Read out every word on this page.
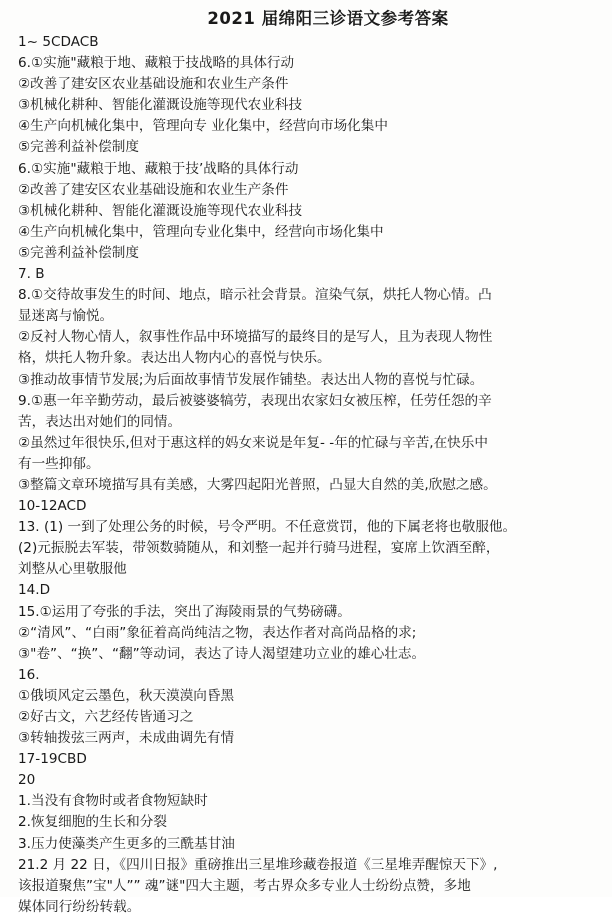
2021 届绵阳三诊语文参考答案
1~ 5CDACB
6.①实施"藏粮于地、藏粮于技战略的具体行动
②改善了建安区农业基础设施和农业生产条件
③机械化耕种、智能化灌溉设施等现代农业科技
④生产向机械化集中，管理向专 业化集中，经营向市场化集中
⑤完善利益补偿制度
6.①实施"藏粮于地、藏粮于技’战略的具体行动
②改善了建安区农业基础设施和农业生产条件
③机械化耕种、智能化灌溉设施等现代农业科技
④生产向机械化集中，管理向专业化集中，经营向市场化集中
⑤完善利益补偿制度
7. B
8.①交待故事发生的时间、地点，暗示社会背景。渲染气氛，烘托人物心情。凸
显迷离与愉悦。
②反衬人物心情人，叙事性作品中环境描写的最终目的是写人，且为表现人物性
格，烘托人物升象。表达出人物内心的喜悦与快乐。
③推动故事情节发展;为后面故事情节发展作铺垫。表达出人物的喜悦与忙碌。
9.①惠一年辛勤劳动，最后被婆婆犒劳，表现出农家妇女被压榨，任劳任怨的辛
苦，表达出对她们的同情。
②虽然过年很快乐,但对于惠这样的妈女来说是年复- -年的忙碌与辛苦,在快乐中
有一些抑郁。
③整篇文章环境描写具有美感，大雾四起阳光普照，凸显大自然的美,欣慰之感。
10-12ACD
13. (1) 一到了处理公务的时候，号令严明。不任意赏罚，他的下属老将也敬服他。
(2)元振脱去军装，带领数骑随从，和刘整一起并行骑马进程，宴席上饮酒至醉，
刘整从心里敬服他
14.D
15.①运用了夸张的手法，突出了海陵雨景的气势磅礴。
②“清风”、“白雨”象征着高尚纯洁之物，表达作者对高尚品格的求;
③"卷”、“换”、“翻”等动词，表达了诗人渴望建功立业的雄心壮志。
16.
①俄顷风定云墨色，秋天漠漠向昏黑
②好古文，六艺经传皆通习之
③转轴拨弦三两声，未成曲调先有情
17-19CBD
20
1.当没有食物时或者食物短缺时
2.恢复细胞的生长和分裂
3.压力使藻类产生更多的三酰基甘油
21.2 月 22 日，《四川日报》重磅推出三星堆珍藏卷报道《三星堆弄醒惊天下》,
该报道聚焦”宝"人”” 魂”谜"四大主题，考古界众多专业人士纷纷点赞，多地
媒体同行纷纷转载。
